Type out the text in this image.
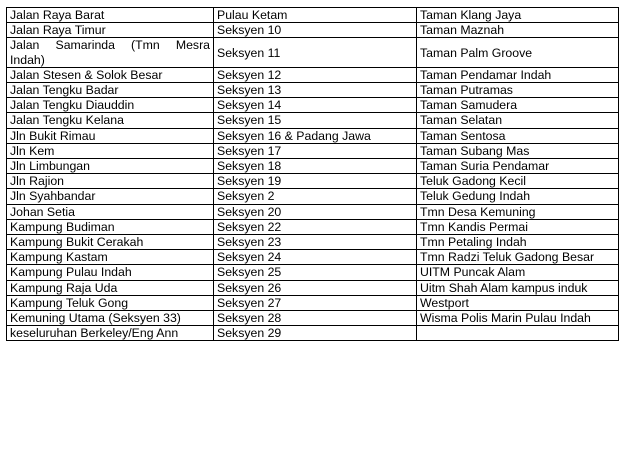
Jalan Raya Barat	Pulau Ketam	Taman Klang Jaya
Jalan Raya Timur	Seksyen 10	Taman Maznah
Jalan Samarinda (Tmn Mesra Indah)	Seksyen 11	Taman Palm Groove
Jalan Stesen & Solok Besar	Seksyen 12	Taman Pendamar Indah
Jalan Tengku Badar	Seksyen 13	Taman Putramas
Jalan Tengku Diauddin	Seksyen 14	Taman Samudera
Jalan Tengku Kelana	Seksyen 15	Taman Selatan
Jln Bukit Rimau	Seksyen 16 & Padang Jawa	Taman Sentosa
Jln Kem	Seksyen 17	Taman Subang Mas
Jln Limbungan	Seksyen 18	Taman Suria Pendamar
Jln Rajion	Seksyen 19	Teluk Gadong Kecil
Jln Syahbandar	Seksyen 2	Teluk Gedung Indah
Johan Setia	Seksyen 20	Tmn Desa Kemuning
Kampung Budiman	Seksyen 22	Tmn Kandis Permai
Kampung Bukit Cerakah	Seksyen 23	Tmn Petaling Indah
Kampung Kastam	Seksyen 24	Tmn Radzi Teluk Gadong Besar
Kampung Pulau Indah	Seksyen 25	UITM Puncak Alam
Kampung Raja Uda	Seksyen 26	Uitm Shah Alam kampus induk
Kampung Teluk Gong	Seksyen 27	Westport
Kemuning Utama (Seksyen 33)	Seksyen 28	Wisma Polis Marin Pulau Indah
keseluruhan Berkeley/Eng Ann	Seksyen 29	
